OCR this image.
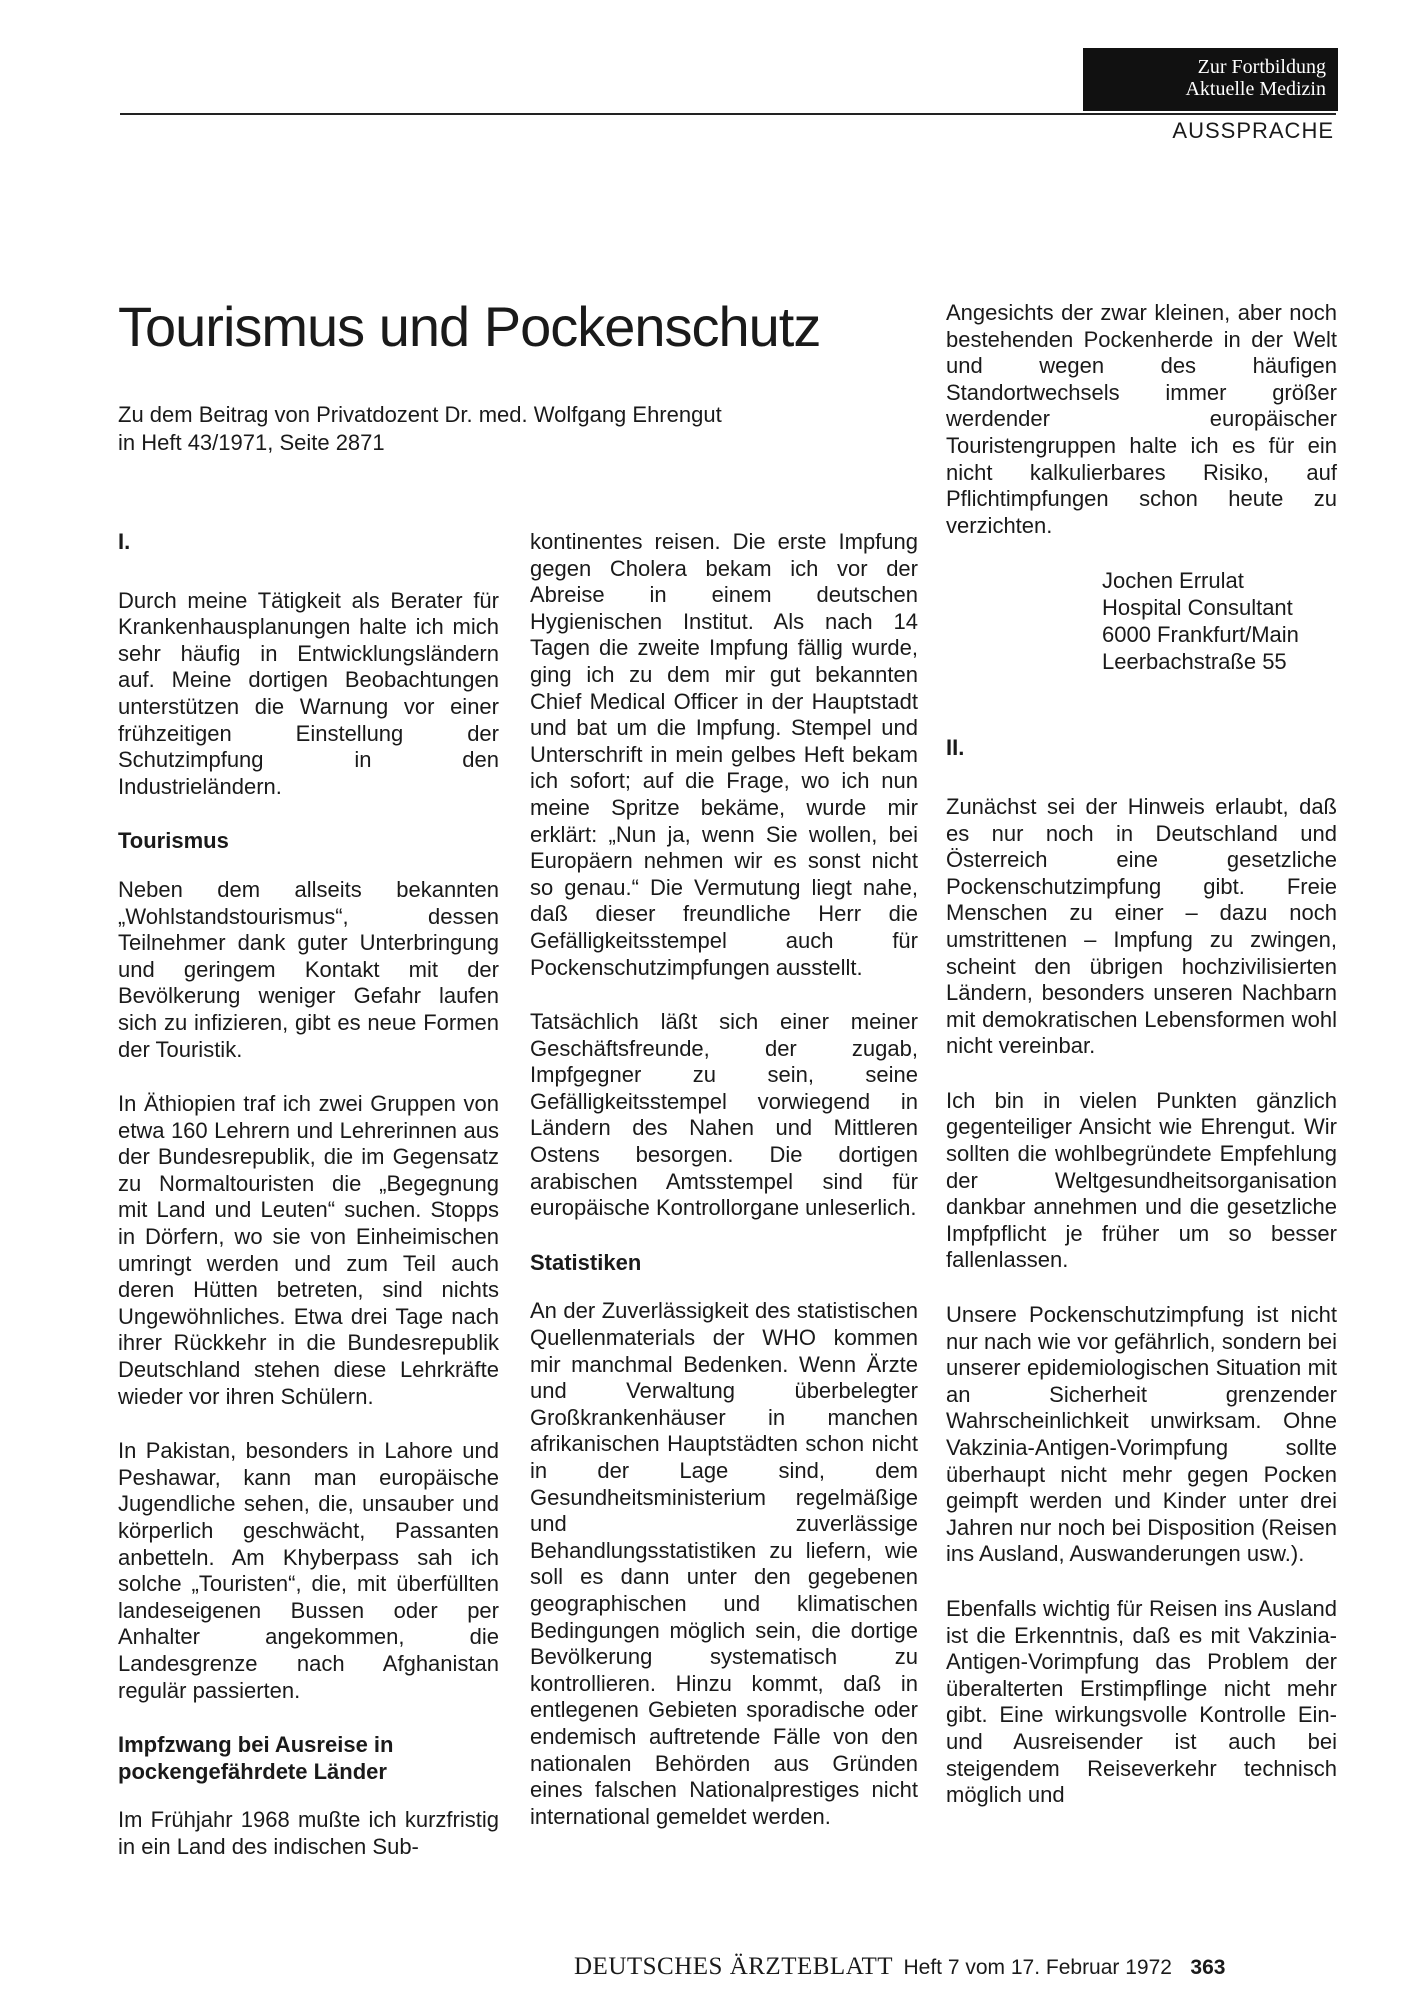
Zur Fortbildung
Aktuelle Medizin
AUSSPRACHE
Tourismus und Pockenschutz
Zu dem Beitrag von Privatdozent Dr. med. Wolfgang Ehrengut
in Heft 43/1971, Seite 2871

I.

Durch meine Tätigkeit als Berater für Krankenhausplanungen halte ich mich sehr häufig in Entwicklungsländern auf. Meine dortigen Beobachtungen unterstützen die Warnung vor einer frühzeitigen Einstellung der Schutzimpfung in den Industrieländern.

Tourismus

Neben dem allseits bekannten „Wohlstandstourismus“, dessen Teilnehmer dank guter Unterbringung und geringem Kontakt mit der Bevölkerung weniger Gefahr laufen sich zu infizieren, gibt es neue Formen der Touristik.

In Äthiopien traf ich zwei Gruppen von etwa 160 Lehrern und Lehrerinnen aus der Bundesrepublik, die im Gegensatz zu Normaltouristen die „Begegnung mit Land und Leuten“ suchen. Stopps in Dörfern, wo sie von Einheimischen umringt werden und zum Teil auch deren Hütten betreten, sind nichts Ungewöhnliches. Etwa drei Tage nach ihrer Rückkehr in die Bundesrepublik Deutschland stehen diese Lehrkräfte wieder vor ihren Schülern.

In Pakistan, besonders in Lahore und Peshawar, kann man europäische Jugendliche sehen, die, unsauber und körperlich geschwächt, Passanten anbetteln. Am Khyberpass sah ich solche „Touristen“, die, mit überfüllten landeseigenen Bussen oder per Anhalter angekommen, die Landesgrenze nach Afghanistan regulär passierten.

Impfzwang bei Ausreise in pockengefährdete Länder

Im Frühjahr 1968 mußte ich kurzfristig in ein Land des indischen Sub-

kontinentes reisen. Die erste Impfung gegen Cholera bekam ich vor der Abreise in einem deutschen Hygienischen Institut. Als nach 14 Tagen die zweite Impfung fällig wurde, ging ich zu dem mir gut bekannten Chief Medical Officer in der Hauptstadt und bat um die Impfung. Stempel und Unterschrift in mein gelbes Heft bekam ich sofort; auf die Frage, wo ich nun meine Spritze bekäme, wurde mir erklärt: „Nun ja, wenn Sie wollen, bei Europäern nehmen wir es sonst nicht so genau.“ Die Vermutung liegt nahe, daß dieser freundliche Herr die Gefälligkeitsstempel auch für Pockenschutzimpfungen ausstellt.

Tatsächlich läßt sich einer meiner Geschäftsfreunde, der zugab, Impfgegner zu sein, seine Gefälligkeitsstempel vorwiegend in Ländern des Nahen und Mittleren Ostens besorgen. Die dortigen arabischen Amtsstempel sind für europäische Kontrollorgane unleserlich.

Statistiken

An der Zuverlässigkeit des statistischen Quellenmaterials der WHO kommen mir manchmal Bedenken. Wenn Ärzte und Verwaltung überbelegter Großkrankenhäuser in manchen afrikanischen Hauptstädten schon nicht in der Lage sind, dem Gesundheitsministerium regelmäßige und zuverlässige Behandlungsstatistiken zu liefern, wie soll es dann unter den gegebenen geographischen und klimatischen Bedingungen möglich sein, die dortige Bevölkerung systematisch zu kontrollieren. Hinzu kommt, daß in entlegenen Gebieten sporadische oder endemisch auftretende Fälle von den nationalen Behörden aus Gründen eines falschen Nationalprestiges nicht international gemeldet werden.

Angesichts der zwar kleinen, aber noch bestehenden Pockenherde in der Welt und wegen des häufigen Standortwechsels immer größer werdender europäischer Touristengruppen halte ich es für ein nicht kalkulierbares Risiko, auf Pflichtimpfungen schon heute zu verzichten.

Jochen Errulat
Hospital Consultant
6000 Frankfurt/Main
Leerbachstraße 55

II.

Zunächst sei der Hinweis erlaubt, daß es nur noch in Deutschland und Österreich eine gesetzliche Pockenschutzimpfung gibt. Freie Menschen zu einer – dazu noch umstrittenen – Impfung zu zwingen, scheint den übrigen hochzivilisierten Ländern, besonders unseren Nachbarn mit demokratischen Lebensformen wohl nicht vereinbar.

Ich bin in vielen Punkten gänzlich gegenteiliger Ansicht wie Ehrengut. Wir sollten die wohlbegründete Empfehlung der Weltgesundheitsorganisation dankbar annehmen und die gesetzliche Impfpflicht je früher um so besser fallenlassen.

Unsere Pockenschutzimpfung ist nicht nur nach wie vor gefährlich, sondern bei unserer epidemiologischen Situation mit an Sicherheit grenzender Wahrscheinlichkeit unwirksam. Ohne Vakzinia-Antigen-Vorimpfung sollte überhaupt nicht mehr gegen Pocken geimpft werden und Kinder unter drei Jahren nur noch bei Disposition (Reisen ins Ausland, Auswanderungen usw.).

Ebenfalls wichtig für Reisen ins Ausland ist die Erkenntnis, daß es mit Vakzinia-Antigen-Vorimpfung das Problem der überalterten Erstimpflinge nicht mehr gibt. Eine wirkungsvolle Kontrolle Ein- und Ausreisender ist auch bei steigendem Reiseverkehr technisch möglich und

DEUTSCHES ÄRZTEBLATT Heft 7 vom 17. Februar 1972 363
